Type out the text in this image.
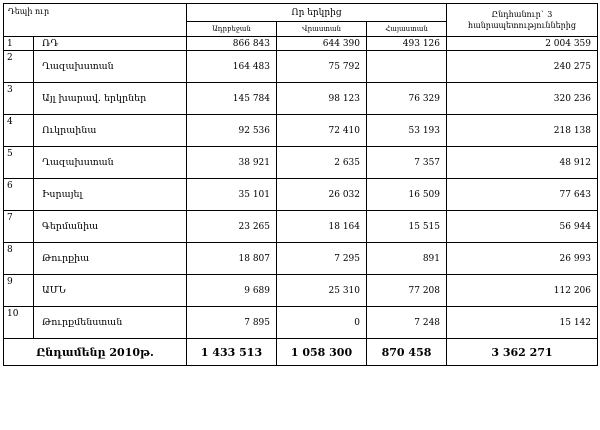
Դեպի ուր		Որ երկրից			Ընդհանուր` 3 հանրապետություններից
		Ադրբեջան	Վրաստան	Հայաստան	
1	ՌԴ	866 843	644 390	493 126	2 004 359
2	Ղազախստան	164 483	75 792		240 275
3	Այլ խարավ. երկրներ	145 784	98 123	76 329	320 236
4	Ուկրաինա	92 536	72 410	53 193	218 138
5	Ղազախստան	38 921	2 635	7 357	48 912
6	Իսրայել	35 101	26 032	16 509	77 643
7	Գերմանիա	23 265	18 164	15 515	56 944
8	Թուրքիա	18 807	7 295	891	26 993
9	ԱՄՆ	9 689	25 310	77 208	112 206
10	Թուրքմենստան	7 895	0	7 248	15 142
Ընդամենը 2010թ.		1 433 513	1 058 300	870 458	3 362 271
